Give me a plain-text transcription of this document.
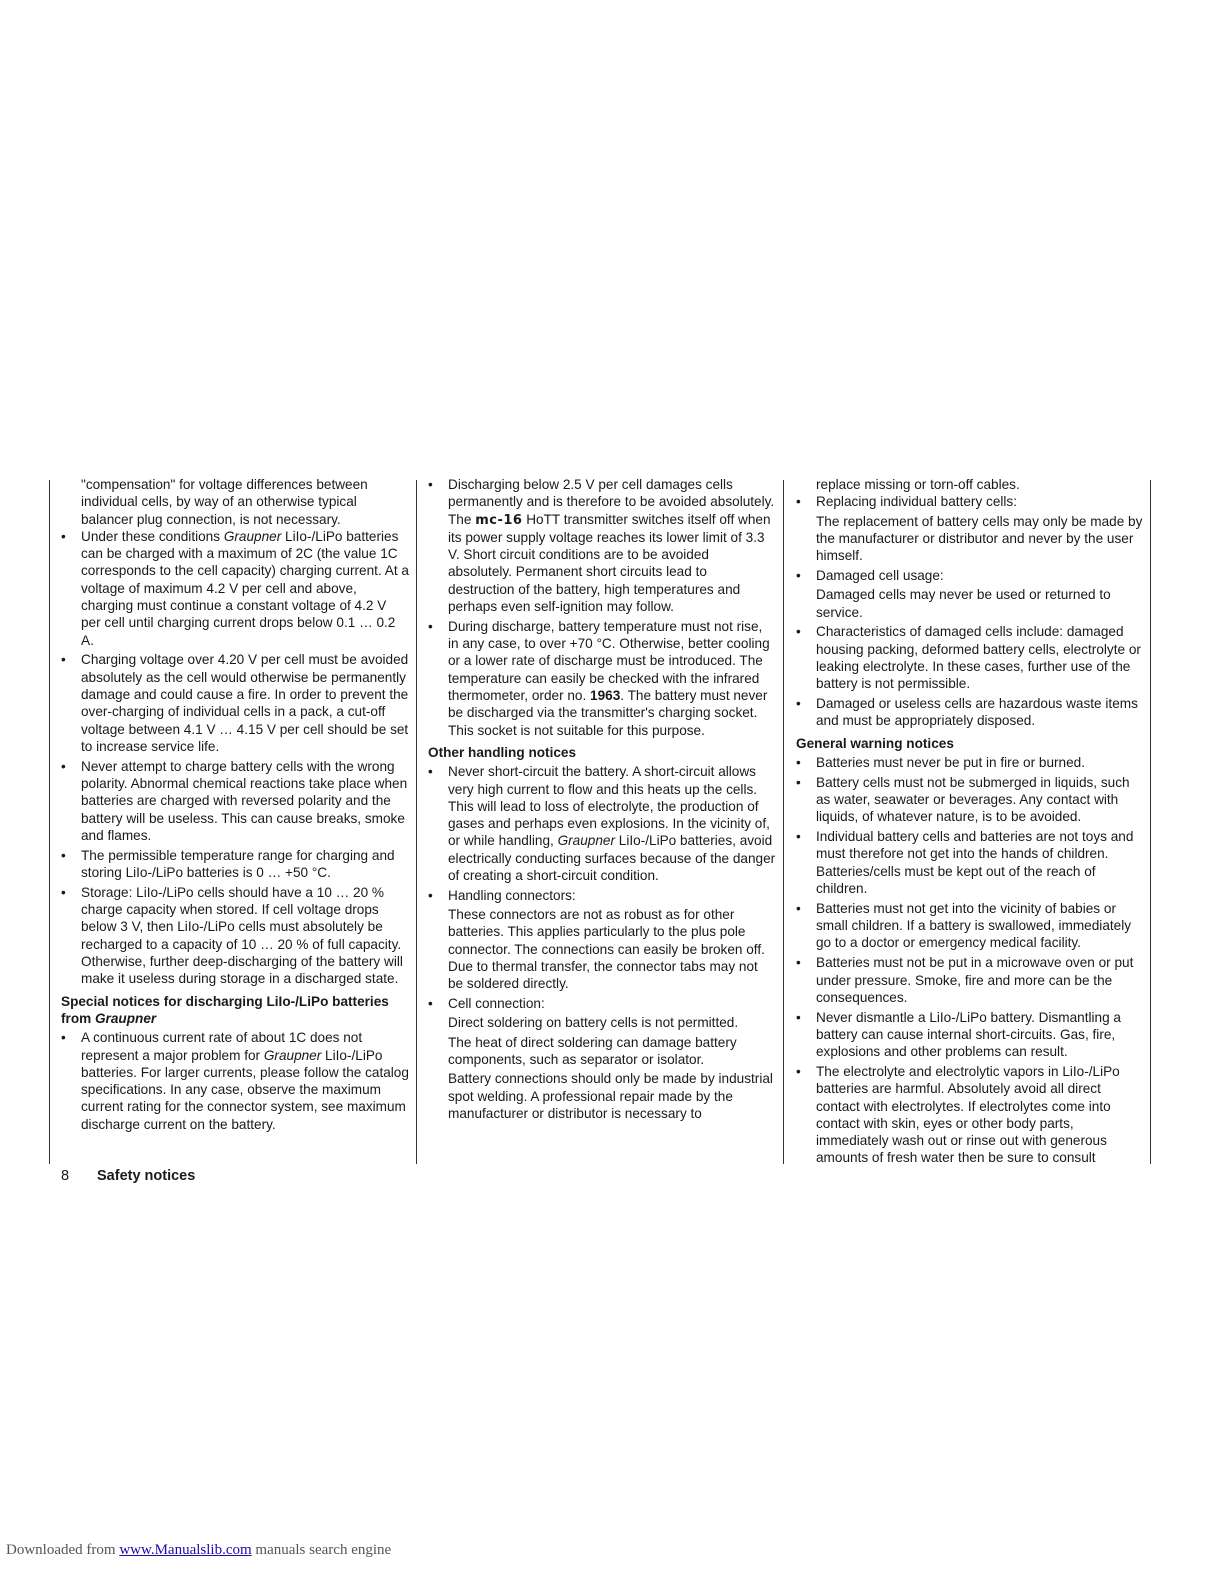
"compensation" for voltage differences between individual cells, by way of an otherwise typical balancer plug connection, is not necessary.

•	Under these conditions Graupner LiIo-/LiPo batteries can be charged with a maximum of 2C (the value 1C corresponds to the cell capacity) charging current. At a voltage of maximum 4.2 V per cell and above, charging must continue a constant voltage of 4.2 V per cell until charging current drops below 0.1 … 0.2 A.
•	Charging voltage over 4.20 V per cell must be avoided absolutely as the cell would otherwise be permanently damage and could cause a fire. In order to prevent the over-charging of individual cells in a pack, a cut-off voltage between 4.1 V … 4.15 V per cell should be set to increase service life.
•	Never attempt to charge battery cells with the wrong polarity. Abnormal chemical reactions take place when batteries are charged with reversed polarity and the battery will be useless. This can cause breaks, smoke and flames.
•	The permissible temperature range for charging and storing LiIo-/LiPo batteries is 0 … +50 °C.
•	Storage: LiIo-/LiPo cells should have a 10 … 20 % charge capacity when stored. If cell voltage drops below 3 V, then LiIo-/LiPo cells must absolutely be recharged to a capacity of 10 … 20 % of full capacity. Otherwise, further deep-discharging of the battery will make it useless during storage in a discharged state.
Special notices for discharging LiIo-/LiPo batteries from Graupner
•	A continuous current rate of about 1C does not represent a major problem for Graupner LiIo-/LiPo batteries. For larger currents, please follow the catalog specifications. In any case, observe the maximum current rating for the connector system, see maximum discharge current on the battery.
•	Discharging below 2.5 V per cell damages cells permanently and is therefore to be avoided absolutely. The mc-16 HoTT transmitter switches itself off when its power supply voltage reaches its lower limit of 3.3 V. Short circuit conditions are to be avoided absolutely. Permanent short circuits lead to destruction of the battery, high temperatures and perhaps even self-ignition may follow.
•	During discharge, battery temperature must not rise, in any case, to over +70 °C. Otherwise, better cooling or a lower rate of discharge must be introduced. The temperature can easily be checked with the infrared thermometer, order no. 1963. The battery must never be discharged via the transmitter's charging socket. This socket is not suitable for this purpose.
Other handling notices
•	Never short-circuit the battery. A short-circuit allows very high current to flow and this heats up the cells. This will lead to loss of electrolyte, the production of gases and perhaps even explosions. In the vicinity of, or while handling, Graupner LiIo-/LiPo batteries, avoid electrically conducting surfaces because of the danger of creating a short-circuit condition.
•	Handling connectors:
These connectors are not as robust as for other batteries. This applies particularly to the plus pole connector. The connections can easily be broken off. Due to thermal transfer, the connector tabs may not be soldered directly.
•	Cell connection:
Direct soldering on battery cells is not permitted.
The heat of direct soldering can damage battery components, such as separator or isolator.
Battery connections should only be made by industrial spot welding. A professional repair made by the manufacturer or distributor is necessary to

replace missing or torn-off cables.

•	Replacing individual battery cells:
The replacement of battery cells may only be made by the manufacturer or distributor and never by the user himself.
•	Damaged cell usage:
Damaged cells may never be used or returned to service.
•	Characteristics of damaged cells include: damaged housing packing, deformed battery cells, electrolyte or leaking electrolyte. In these cases, further use of the battery is not permissible.
•	Damaged or useless cells are hazardous waste items and must be appropriately disposed.
General warning notices
•	Batteries must never be put in fire or burned.
•	Battery cells must not be submerged in liquids, such as water, seawater or beverages. Any contact with liquids, of whatever nature, is to be avoided.
•	Individual battery cells and batteries are not toys and must therefore not get into the hands of children. Batteries/cells must be kept out of the reach of children.
•	Batteries must not get into the vicinity of babies or small children. If a battery is swallowed, immediately go to a doctor or emergency medical facility.
•	Batteries must not be put in a microwave oven or put under pressure. Smoke, fire and more can be the consequences.
•	Never dismantle a LiIo-/LiPo battery. Dismantling a battery can cause internal short-circuits. Gas, fire, explosions and other problems can result.
•	The electrolyte and electrolytic vapors in LiIo-/LiPo batteries are harmful. Absolutely avoid all direct contact with electrolytes. If electrolytes come into contact with skin, eyes or other body parts, immediately wash out or rinse out with generous amounts of fresh water then be sure to consult
8 Safety notices
Downloaded from www.Manualslib.com manuals search engine
